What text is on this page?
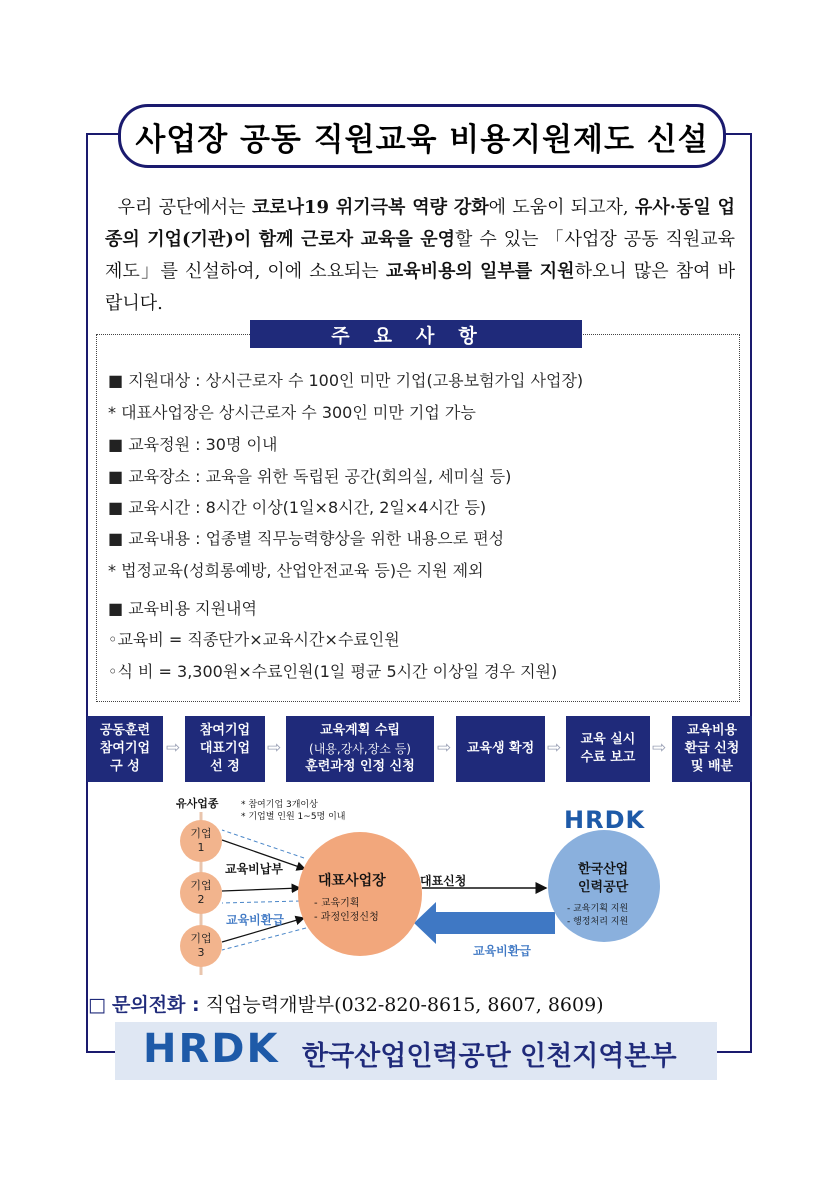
사업장 공동 직원교육 비용지원제도 신설
우리 공단에서는 코로나19 위기극복 역량 강화에 도움이 되고자, 유사·동일 업종의 기업(기관)이 함께 근로자 교육을 운영할 수 있는 「사업장 공동 직원교육 제도」를 신설하여, 이에 소요되는 교육비용의 일부를 지원하오니 많은 참여 바랍니다.
주요사항
■ 지원대상 : 상시근로자 수 100인 미만 기업(고용보험가입 사업장)
* 대표사업장은 상시근로자 수 300인 미만 기업 가능
■ 교육정원 : 30명 이내
■ 교육장소 : 교육을 위한 독립된 공간(회의실, 세미실 등)
■ 교육시간 : 8시간 이상(1일×8시간, 2일×4시간 등)
■ 교육내용 : 업종별 직무능력향상을 위한 내용으로 편성
* 법정교육(성희롱예방, 산업안전교육 등)은 지원 제외
■ 교육비용 지원내역
◦교육비 = 직종단가×교육시간×수료인원
◦식 비 = 3,300원×수료인원(1일 평균 5시간 이상일 경우 지원)
공동훈련
참여기업
구 성
⇨
참여기업
대표기업
선 정
⇨
교육계획 수립
(내용,강사,장소 등)
훈련과정 인정 신청
⇨ 교육생 확정 ⇨ 교육 실시
수료 보고 ⇨
교육비용
환급 신청
및 배분
유사업종 * 참여기업 3개이상
* 기업별 인원 1~5명 이내
기업
1
기업
2
기업
3
교육비납부
교육비환급
대표사업장
- 교육기획
- 과정인정신청
대표신청
교육비환급
한국산업
인력공단
- 교육기획 지원
- 행정처리 지원
HRDK
□ 문의전화 : 직업능력개발부(032-820-8615, 8607, 8609)
HRDK 한국산업인력공단 인천지역본부
